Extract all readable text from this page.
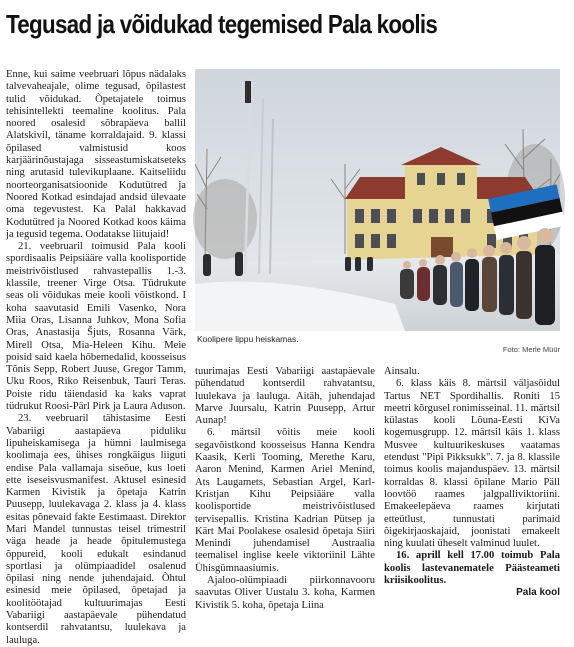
Tegusad ja võidukad tegemised Pala koolis

Enne, kui saime veebruari lõpus nädalaks talvevaheajale, olime tegusad, õpilastest tulid võidukad. Õpetajatele toimus tehisintellekti teemaline koolitus. Pala noored osalesid sõbrapäeva ballil Alatskivil, täname korraldajaid. 9. klassi õpilased valmistusid koos karjäärinõustajaga sisseastumiskatseteks ning arutasid tulevikuplaane. Kaitseliidu noorteorganisatsioonide Kodutütred ja Noored Kotkad esindajad andsid ülevaate oma tegevustest. Ka Palal hakkavad Kodutütred ja Noored Kotkad koos käima ja tegusid tegema. Oodatakse liitujaid!

21. veebruaril toimusid Pala kooli spordisaalis Peipsiääre valla koolisportide meistrivõistlused rahvastepallis 1.-3. klassile, treener Virge Otsa. Tüdrukute seas oli võidukas meie kooli võistkond. I koha saavutasid Emili Vasenko, Nora Miia Oras, Lisanna Juhkov, Mona Sofia Oras, Anastasija Šjuts, Rosanna Värk, Mirell Otsa, Mia-Heleen Kihu. Meie poisid said kaela hõbemedalid, koosseisus Tõnis Sepp, Robert Juuse, Gregor Tamm, Uku Roos, Riko Reisenbuk, Tauri Teras. Poiste ridu täiendasid ka kaks vaprat tüdrukut Roosi-Pärl Pirk ja Laura Aduson.

23. veebruaril tähistasime Eesti Vabariigi aastapäeva piduliku lipuheiskamisega ja hümni laulmisega koolimaja ees, ühises rongkäigus liiguti endise Pala vallamaja siseõue, kus loeti ette iseseisvusmanifest. Aktusel esinesid Karmen Kivistik ja õpetaja Katrin Puusepp, luulekavaga 2. klass ja 4. klass esitas põnevaid fakte Eestimaast. Direktor Mari Mandel tunnustas teisel trimestril väga heade ja heade õpitulemustega õppureid, kooli edukalt esindanud sportlasi ja olümpiaadidel osalenud õpilasi ning nende juhendajaid. Õhtul esinesid meie õpilased, õpetajad ja koolitöötajad kultuurimajas Eesti Vabariigi aastapäevale pühendatud kontserdil rahvatantsu, luulekava ja lauluga.

Koolipere lippu heiskamas.
Foto: Merle Müür

tuurimajas Eesti Vabariigi aastapäevale pühendatud kontserdil rahvatantsu, luulekava ja lauluga. Aitäh, juhendajad Marve Juursalu, Katrin Puusepp, Artur Aunap!

6. märtsil võitis meie kooli segavõistkond koosseisus Hanna Kendra Kaasik, Kerli Tooming, Merethe Karu, Aaron Menind, Karmen Ariel Menind, Ats Laugamets, Sebastian Argel, Karl-Kristjan Kihu Peipsiääre valla koolisportide meistrivõistlused tervisepallis. Kristina Kadrian Pütsep ja Kärt Mai Poolakese osalesid õpetaja Siiri Menindi juhendamisel Austraalia teemalisel inglise keele viktoriinil Lähte Ühisgümnaasiumis.

Ajaloo-olümpiaadi piirkonnavooru saavutas Oliver Uustalu 3. koha, Karmen Kivistik 5. koha, õpetaja Liina

Ainsalu.

6. klass käis 8. märtsil väljasõidul Tartus NET Spordihallis. Roniti 15 meetri kõrgusel ronimisseinal. 11. märtsil külastas kooli Lõuna-Eesti KiVa kogemusgrupp. 12. märtsil käis 1. klass Musvee kultuurikeskuses vaatamas etendust "Pipi Pikksukk". 7. ja 8. klassile toimus koolis majanduspäev. 13. märtsil korraldas 8. klassi õpilane Mario Päll loovtöö raames jalgpalliviktoriini. Emakeelepäeva raames kirjutati etteütlust, tunnustati parimaid õigekirjaoskajaid, joonistati emakeelt ning kuulati üheselt valminud luulet.

16. aprill kell 17.00 toimub Pala koolis lastevanematele Päästeameti kriisikoolitus.

Pala kool
